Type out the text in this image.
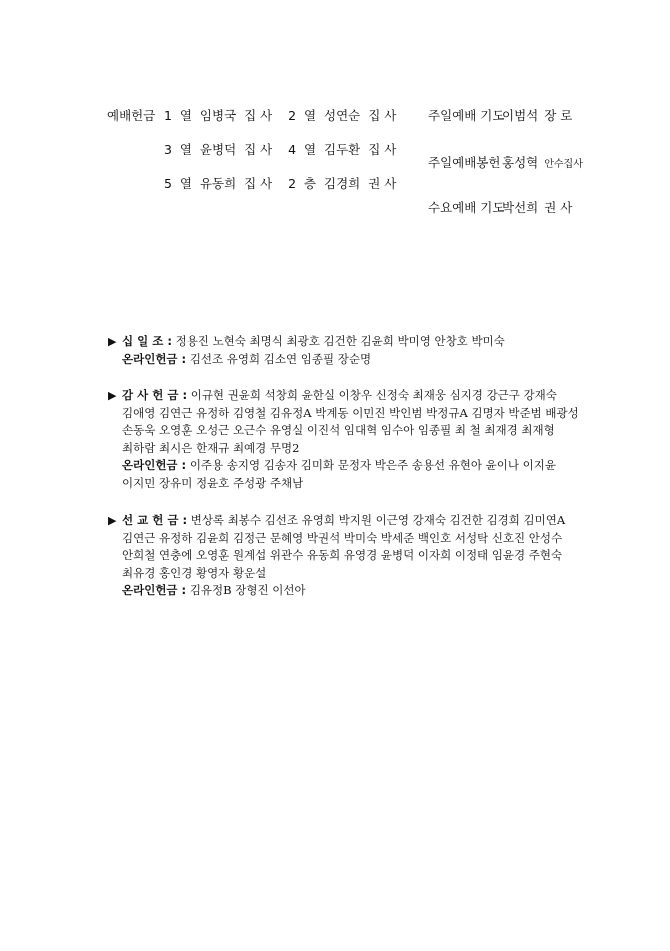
예배헌금 1  열  임병국  집 사    2  열  성연순  집 사
3  열  윤병덕  집 사    4  열  김두환  집 사
5  열  유동희  집 사    2  층  김경희  권 사
주일예배 기도이범석 장 로
주일예배봉헌 홍성혁 안수집사
수요예배 기도박선희 권 사
▶ 십 일 조 : 정용진 노현숙 최명식 최광호 김건한 김윤희 박미영 안창호 박미숙
온라인헌금 : 김선조 유영희 김소연 임종필 장순명
▶ 감 사 헌 금 : 이규현 권윤희 석창희 윤한실 이창우 신정숙 최재웅 심지경 강근구 강재숙
김애영 김연근 유정하 김영철 김유정A 박계동 이민진 박인범 박정규A 김명자 박준범 배광성
손동욱 오영훈 오성근 오근수 유영실 이진석 임대혁 임수아 임종필 최 철 최재경 최재형
최하람 최시은 한재규 최예경 무명2
온라인헌금 : 이주용 송지영 김송자 김미화 문정자 박은주 송용선 유현아 윤이나 이지윤
이지민 장유미 정윤호 주성광 주채남
▶ 선 교 헌 금 : 변상록 최봉수 김선조 유영희 박지원 이근영 강재숙 김건한 김경희 김미연A
김연근 유정하 김윤희 김정근 문혜영 박권석 박미숙 박세준 백인호 서성탁 신호진 안성수
안희철 연충에 오영훈 원계섭 위관수 유동희 유영경 윤병덕 이자희 이정태 임윤경 주현숙
최유경 홍인경 황영자 황운설
온라인헌금 : 김유정B 장형진 이선아
